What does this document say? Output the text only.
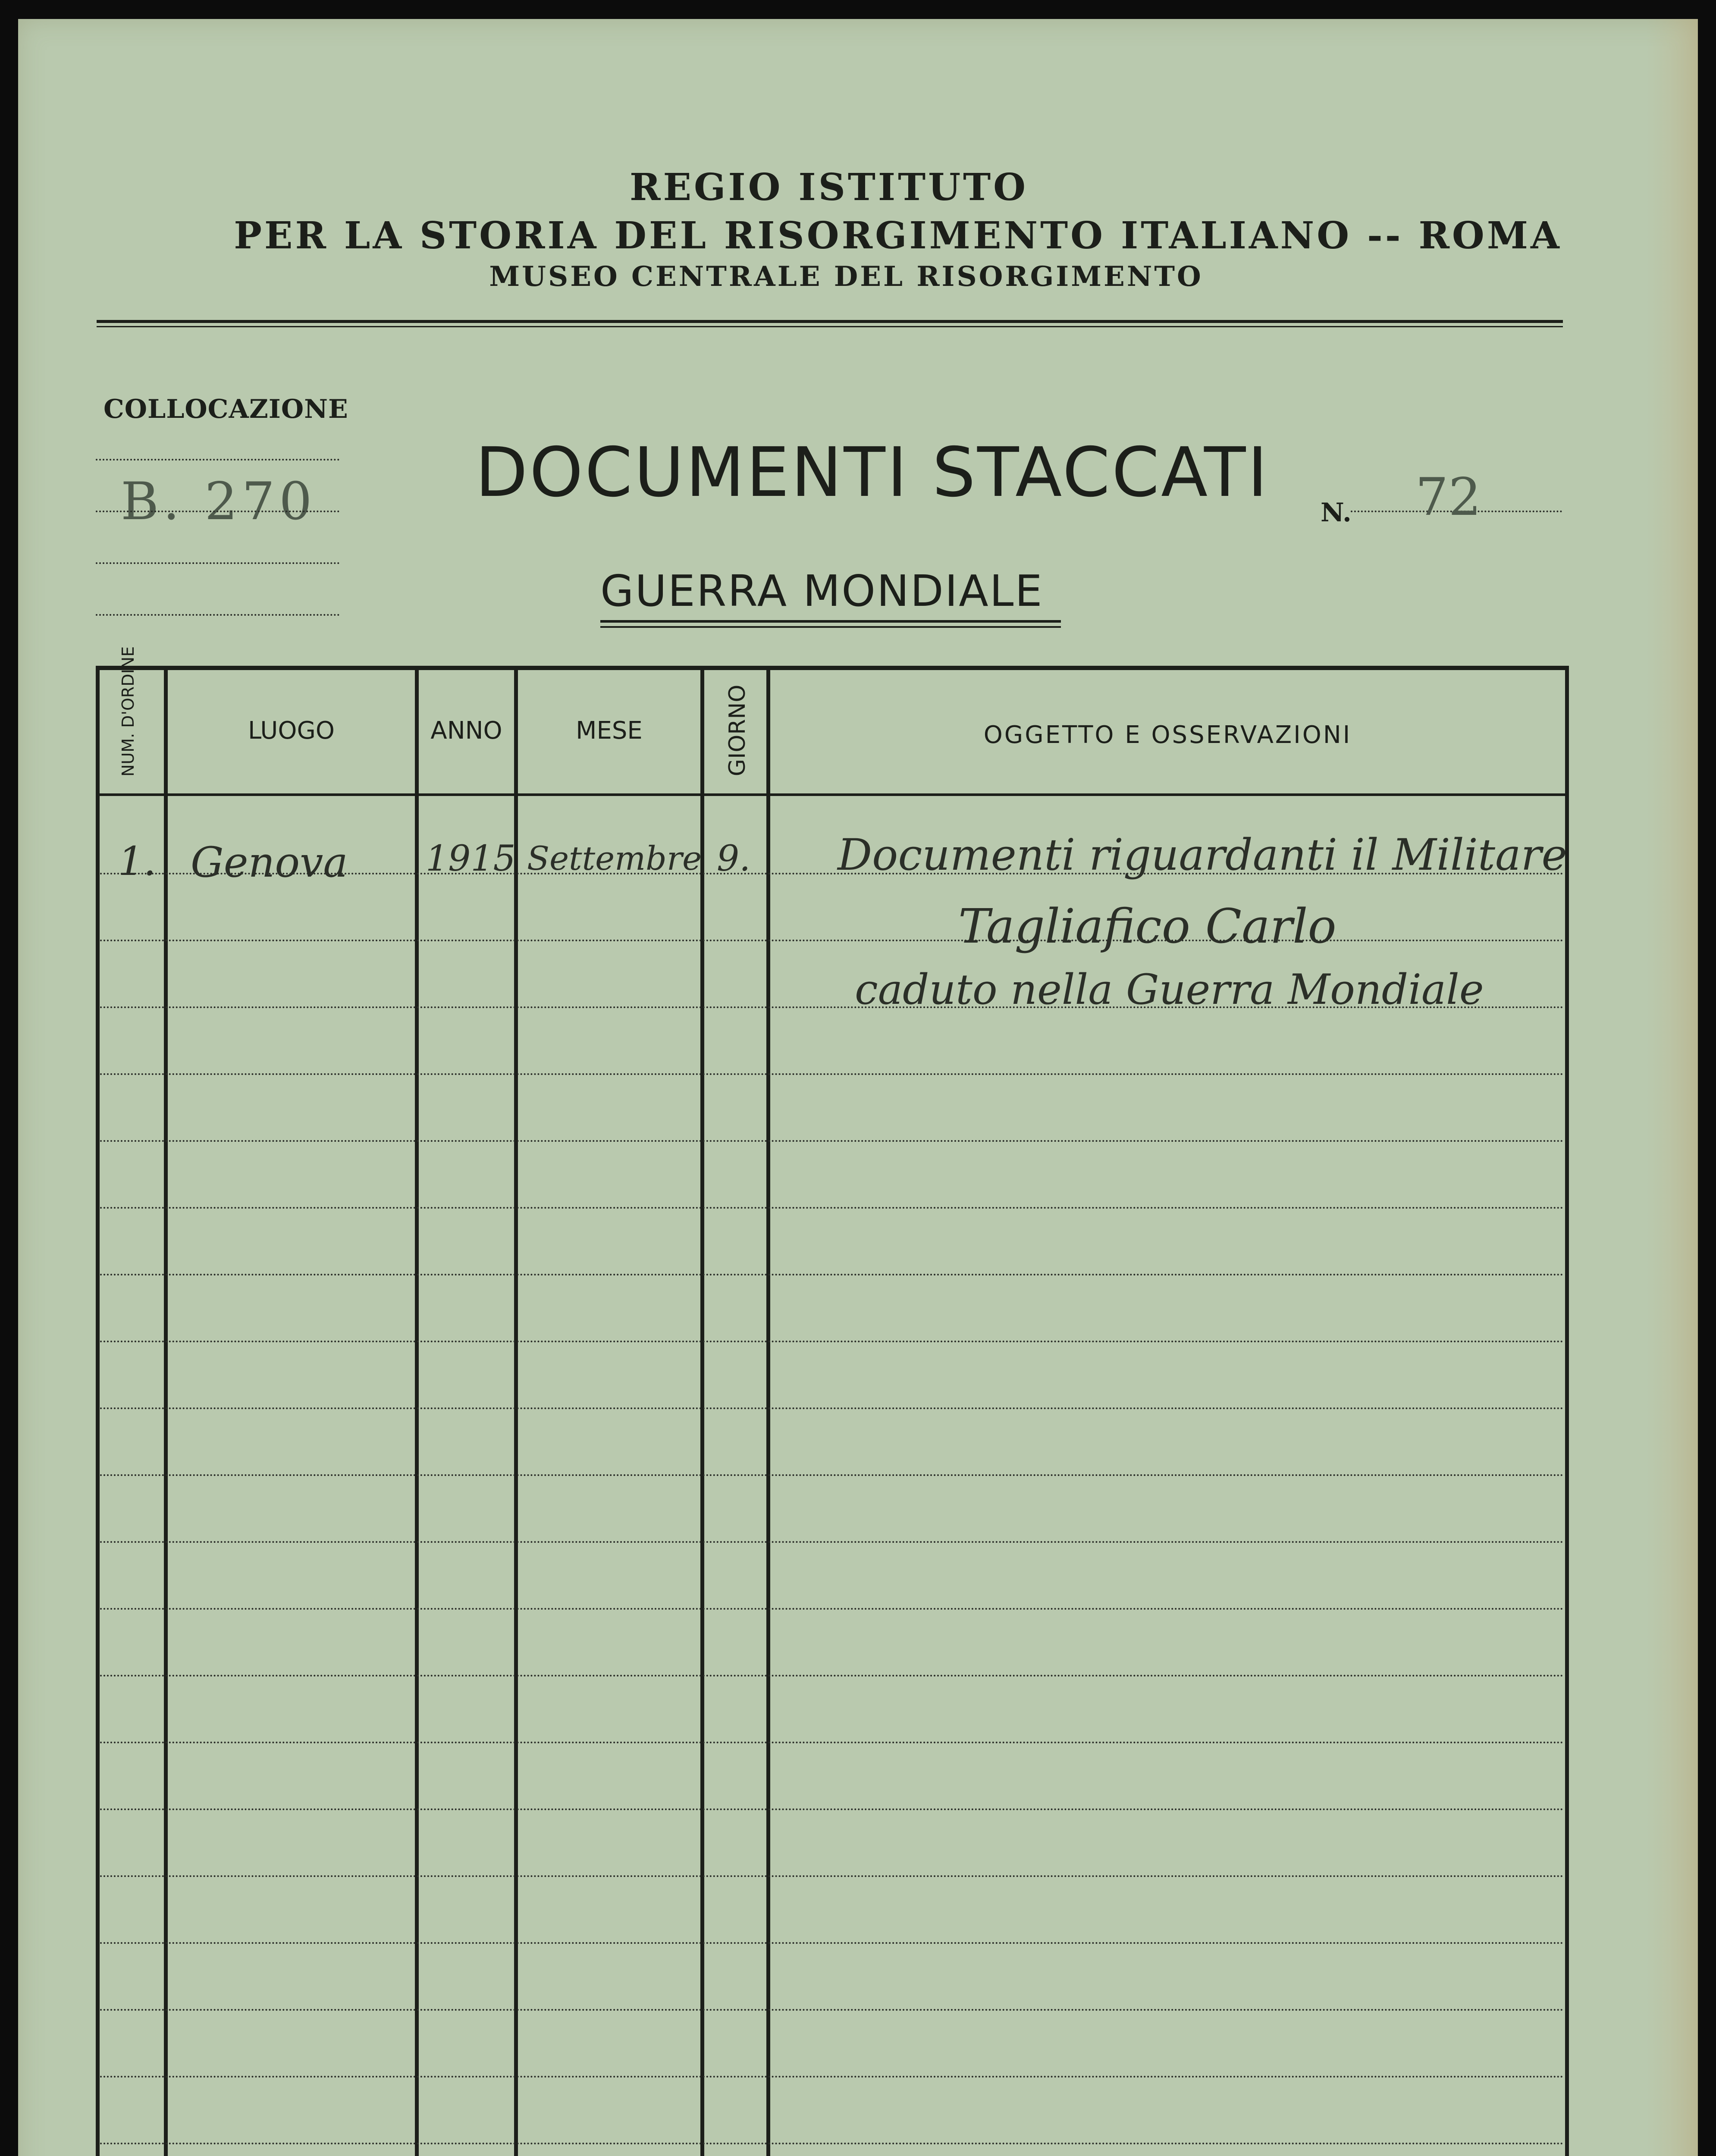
REGIO ISTITUTO
PER LA STORIA DEL RISORGIMENTO ITALIANO -- ROMA
MUSEO CENTRALE DEL RISORGIMENTO
COLLOCAZIONE
B. 270 DOCUMENTI STACCATI
N. 72
GUERRA MONDIALE
NUM. D'ORDINE	LUOGO	ANNO	MESE	GIORNO	OGGETTO E OSSERVAZIONI
1. Genova 1915 Settembre 9. Documenti riguardanti il Militare
Tagliafico Carlo
caduto nella Guerra Mondiale
